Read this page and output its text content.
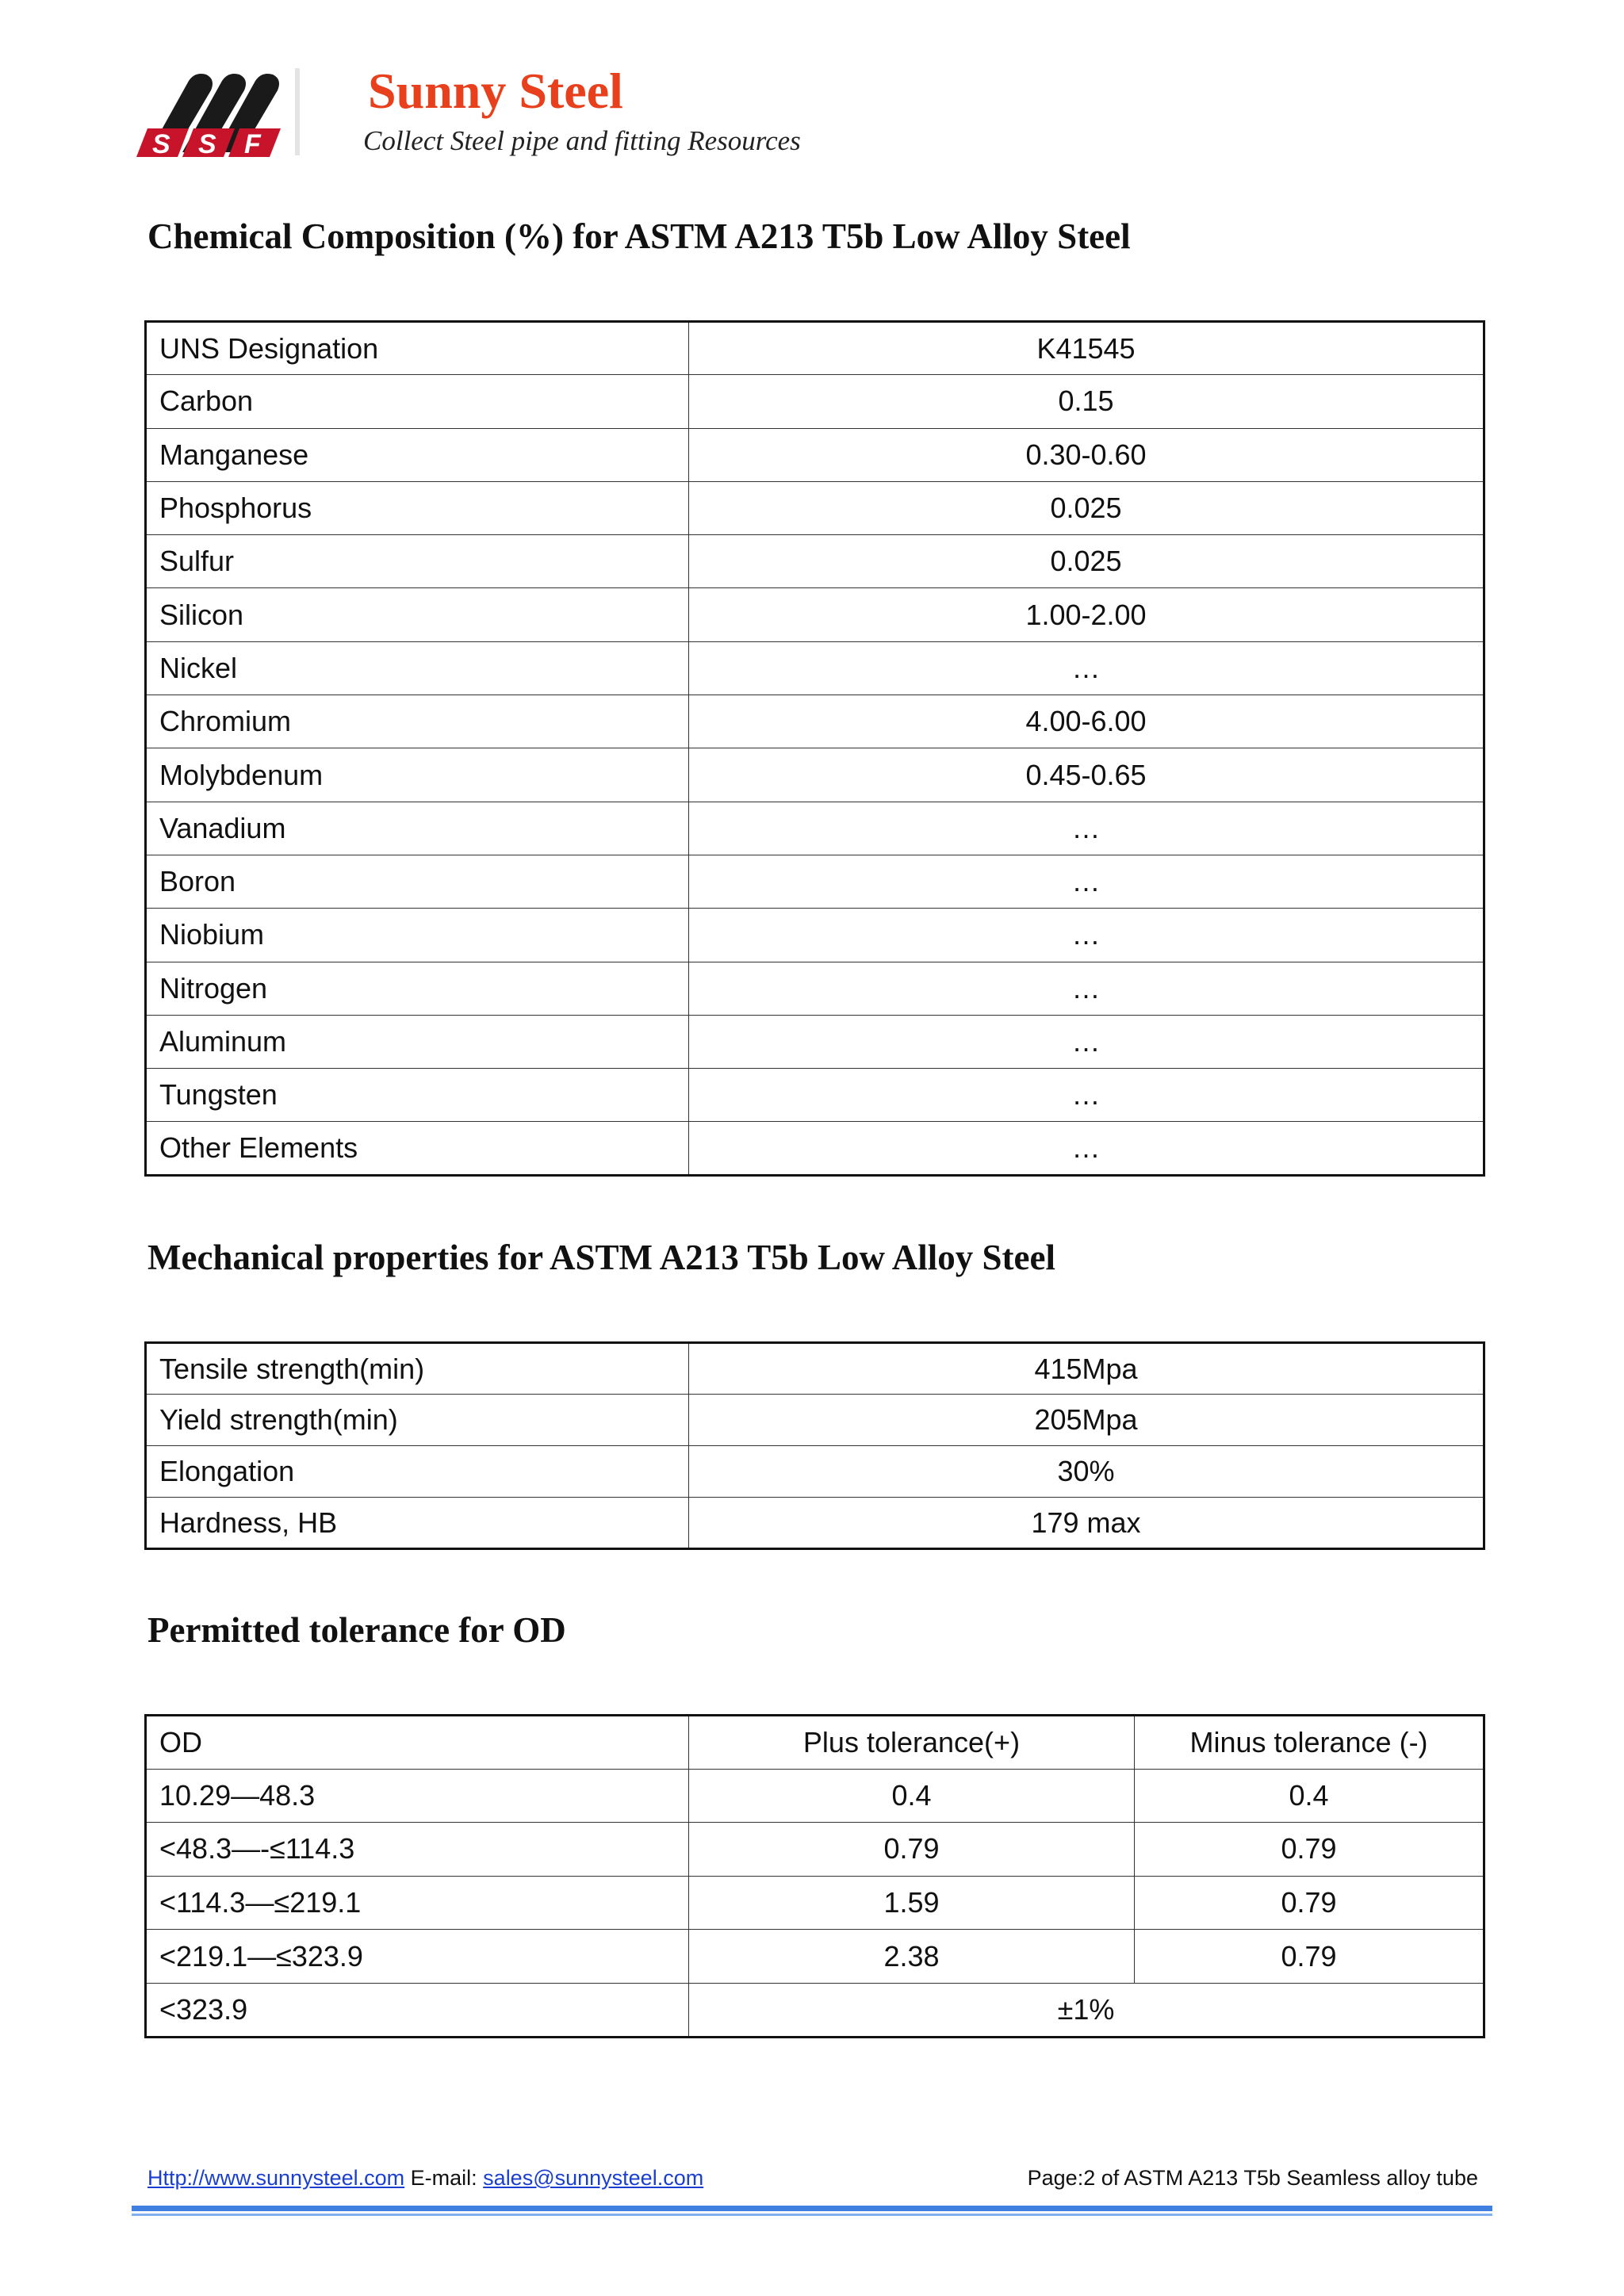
S S F
Sunny Steel

Collect Steel pipe and fitting Resources

Chemical Composition (%) for ASTM A213 T5b Low Alloy Steel
UNS Designation	K41545
Carbon	0.15
Manganese	0.30-0.60
Phosphorus	0.025
Sulfur	0.025
Silicon	1.00-2.00
Nickel	…
Chromium	4.00-6.00
Molybdenum	0.45-0.65
Vanadium	…
Boron	…
Niobium	…
Nitrogen	…
Aluminum	…
Tungsten	…
Other Elements	…
Mechanical properties for ASTM A213 T5b Low Alloy Steel
Tensile strength(min)	415Mpa
Yield strength(min)	205Mpa
Elongation	30%
Hardness, HB	179 max
Permitted tolerance for OD
OD	Plus tolerance(+)	Minus tolerance (-)
10.29—48.3	0.4	0.4
<48.3—-≤114.3	0.79	0.79
<114.3—≤219.1	1.59	0.79
<219.1—≤323.9	2.38	0.79
<323.9	±1%	
Http://www.sunnysteel.com E-mail: sales@sunnysteel.com	Page:2 of ASTM A213 T5b Seamless alloy tube
